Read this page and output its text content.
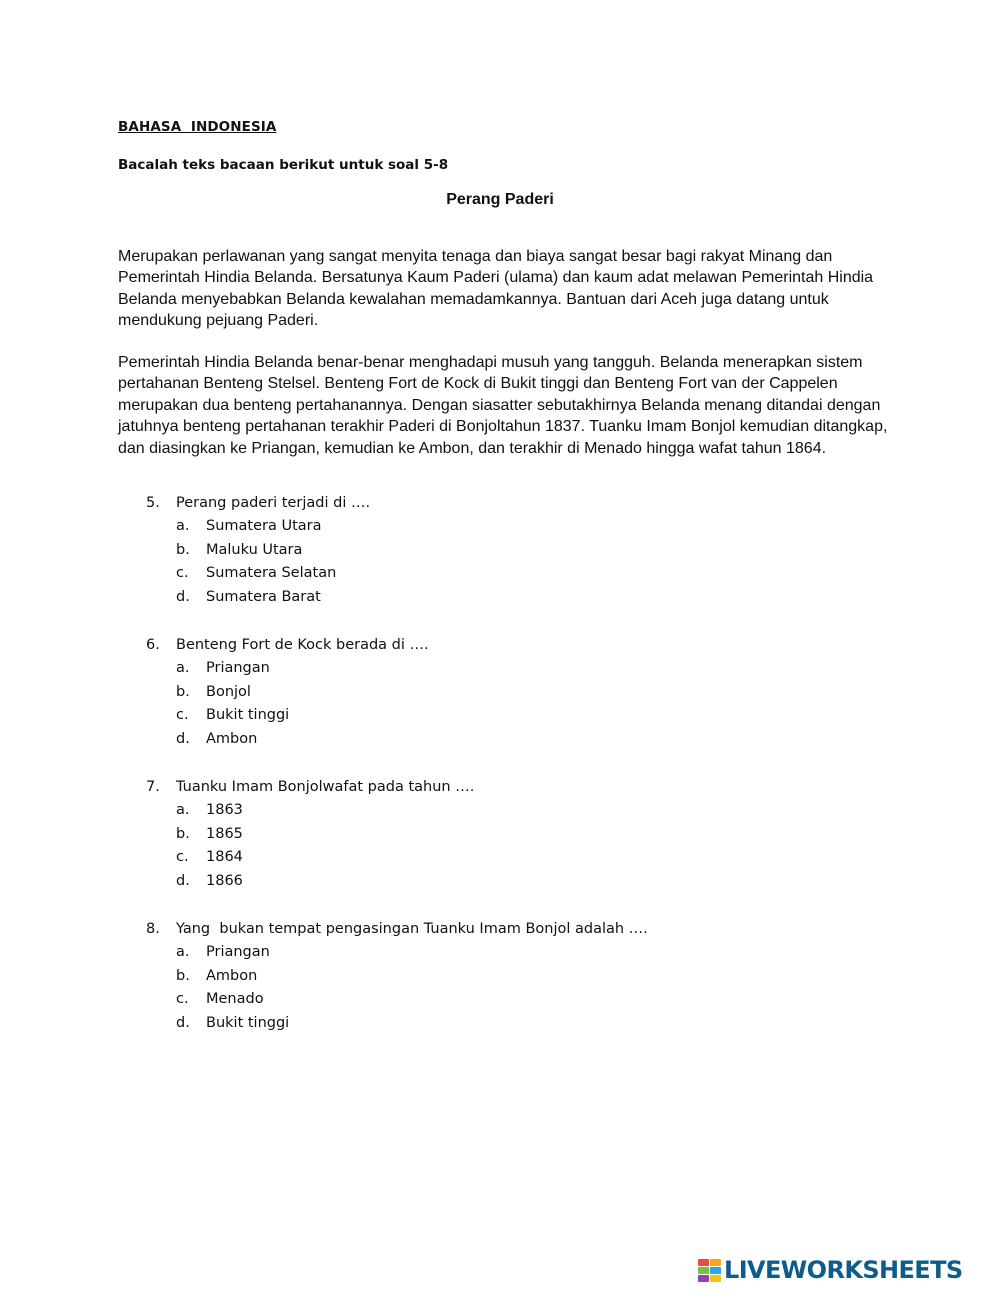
BAHASA  INDONESIA
Bacalah teks bacaan berikut untuk soal 5-8
Perang Paderi
Merupakan perlawanan yang sangat menyita tenaga dan biaya sangat besar bagi rakyat Minang dan Pemerintah Hindia Belanda. Bersatunya Kaum Paderi (ulama) dan kaum adat melawan Pemerintah Hindia Belanda menyebabkan Belanda kewalahan memadamkannya. Bantuan dari Aceh juga datang untuk mendukung pejuang Paderi.
Pemerintah Hindia Belanda benar-benar menghadapi musuh yang tangguh. Belanda menerapkan sistem pertahanan Benteng Stelsel. Benteng Fort de Kock di Bukit tinggi dan Benteng Fort van der Cappelen merupakan dua benteng pertahanannya. Dengan siasatter sebutakhirnya Belanda menang ditandai dengan jatuhnya benteng pertahanan terakhir Paderi di Bonjoltahun 1837. Tuanku Imam Bonjol kemudian ditangkap, dan diasingkan ke Priangan, kemudian ke Ambon, dan terakhir di Menado hingga wafat tahun 1864.
5. Perang paderi terjadi di ….
a. Sumatera Utara
b. Maluku Utara
c. Sumatera Selatan
d. Sumatera Barat
6. Benteng Fort de Kock berada di ….
a. Priangan
b. Bonjol
c. Bukit tinggi
d. Ambon
7. Tuanku Imam Bonjolwafat pada tahun ….
a. 1863
b. 1865
c. 1864
d. 1866
8. Yang  bukan tempat pengasingan Tuanku Imam Bonjol adalah ….
a. Priangan
b. Ambon
c. Menado
d. Bukit tinggi
LIVEWORKSHEETS
